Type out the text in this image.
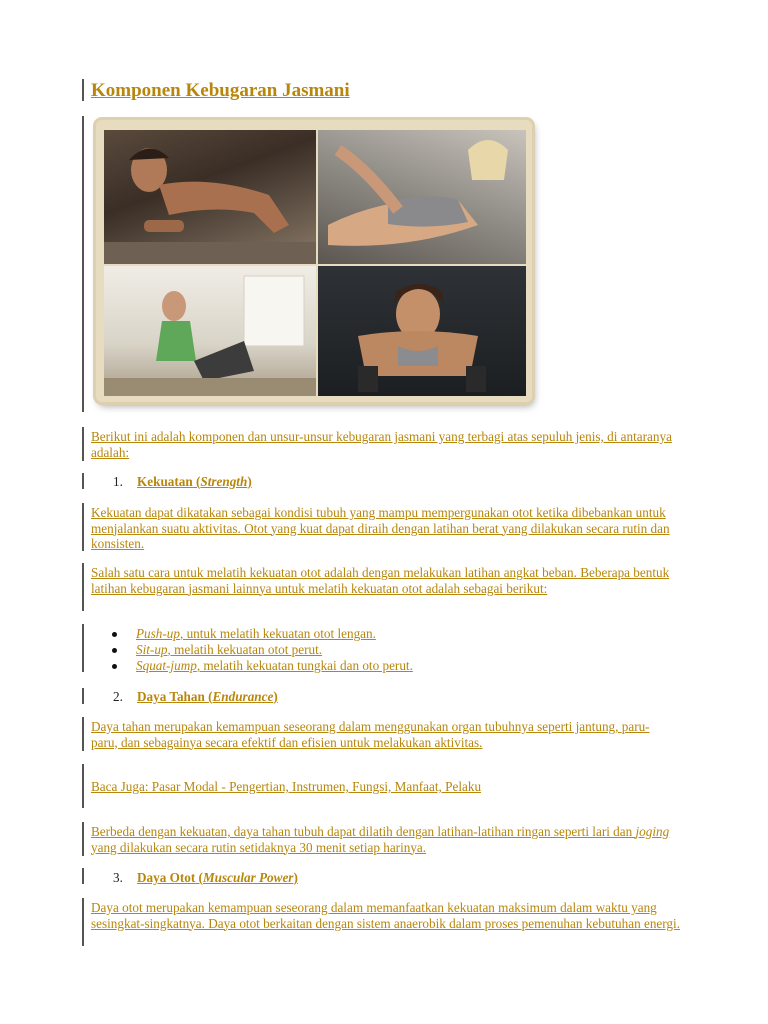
Komponen Kebugaran Jasmani
Berikut ini adalah komponen dan unsur-unsur kebugaran jasmani yang terbagi atas sepuluh jenis, di antaranya adalah:
1. Kekuatan (Strength)
Kekuatan dapat dikatakan sebagai kondisi tubuh yang mampu mempergunakan otot ketika dibebankan untuk menjalankan suatu aktivitas. Otot yang kuat dapat diraih dengan latihan berat yang dilakukan secara rutin dan konsisten.
Salah satu cara untuk melatih kekuatan otot adalah dengan melakukan latihan angkat beban. Beberapa bentuk latihan kebugaran jasmani lainnya untuk melatih kekuatan otot adalah sebagai berikut:
Push-up, untuk melatih kekuatan otot lengan.
Sit-up, melatih kekuatan otot perut.
Squat-jump, melatih kekuatan tungkai dan oto perut.
2. Daya Tahan (Endurance)
Daya tahan merupakan kemampuan seseorang dalam menggunakan organ tubuhnya seperti jantung, paru-paru, dan sebagainya secara efektif dan efisien untuk melakukan aktivitas.
Baca Juga: Pasar Modal - Pengertian, Instrumen, Fungsi, Manfaat, Pelaku
Berbeda dengan kekuatan, daya tahan tubuh dapat dilatih dengan latihan-latihan ringan seperti lari dan joging yang dilakukan secara rutin setidaknya 30 menit setiap harinya.
3. Daya Otot (Muscular Power)
Daya otot merupakan kemampuan seseorang dalam memanfaatkan kekuatan maksimum dalam waktu yang sesingkat-singkatnya. Daya otot berkaitan dengan sistem anaerobik dalam proses pemenuhan kebutuhan energi.
